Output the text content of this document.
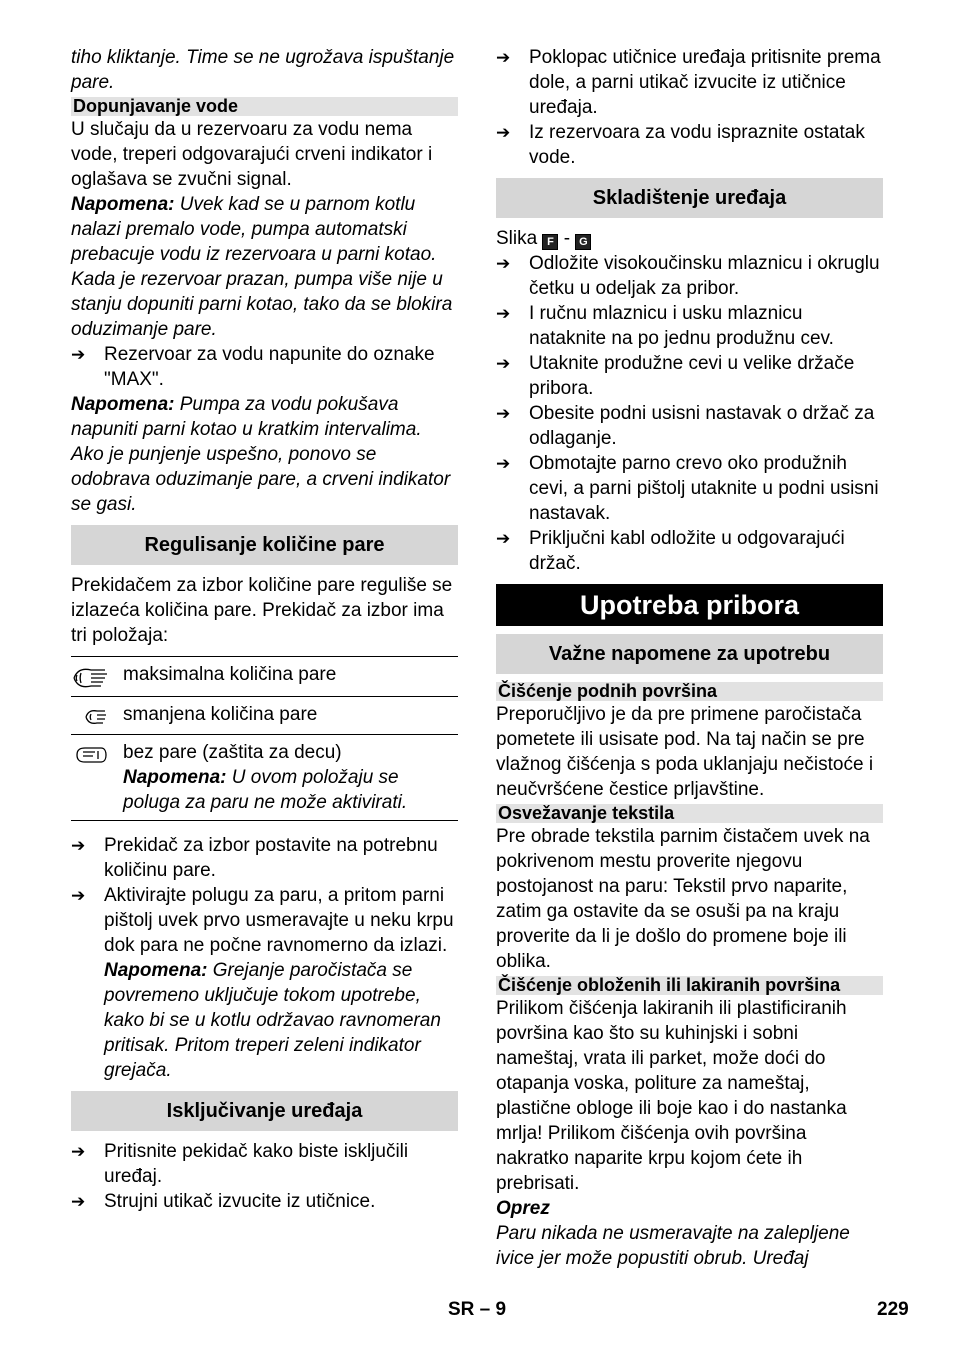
tiho kliktanje. Time se ne ugrožava ispuštanje pare.

Dopunjavanje vode

U slučaju da u rezervoaru za vodu nema vode, treperi odgovarajući crveni indikator i oglašava se zvučni signal.

Napomena: Uvek kad se u parnom kotlu nalazi premalo vode, pumpa automatski prebacuje vodu iz rezervoara u parni kotao. Kada je rezervoar prazan, pumpa više nije u stanju dopuniti parni kotao, tako da se blokira oduzimanje pare.

➔ Rezervoar za vodu napunite do oznake "MAX".

Napomena: Pumpa za vodu pokušava napuniti parni kotao u kratkim intervalima. Ako je punjenje uspešno, ponovo se odobrava oduzimanje pare, a crveni indikator se gasi.

Regulisanje količine pare

Prekidačem za izbor količine pare reguliše se izlazeća količina pare. Prekidač za izbor ima tri položaja:

maksimalna količina pare
smanjena količina pare
bez pare (zaštita za decu)
Napomena: U ovom položaju se poluga za paru ne može aktivirati.
➔ Prekidač za izbor postavite na potrebnu količinu pare.
➔ Aktivirajte polugu za paru, a pritom parni pištolj uvek prvo usmeravajte u neku krpu dok para ne počne ravnomerno da izlazi.
Napomena: Grejanje paročistača se povremeno uključuje tokom upotrebe, kako bi se u kotlu održavao ravnomeran pritisak. Pritom treperi zeleni indikator grejača.
Isključivanje uređaja
➔ Pritisnite pekidač kako biste isključili uređaj.
➔ Strujni utikač izvucite iz utičnice.
➔ Poklopac utičnice uređaja pritisnite prema dole, a parni utikač izvucite iz utičnice uređaja.
➔ Iz rezervoara za vodu ispraznite ostatak vode.
Skladištenje uređaja

Slika F - G

➔ Odložite visokoučinsku mlaznicu i okruglu četku u odeljak za pribor.
➔ I ručnu mlaznicu i usku mlaznicu nataknite na po jednu produžnu cev.
➔ Utaknite produžne cevi u velike držače pribora.
➔ Obesite podni usisni nastavak o držač za odlaganje.
➔ Obmotajte parno crevo oko produžnih cevi, a parni pištolj utaknite u podni usisni nastavak.
➔ Priključni kabl odložite u odgovarajući držač.
Upotreba pribora
Važne napomene za upotrebu
Čišćenje podnih površina

Preporučljivo je da pre primene paročistača pometete ili usisate pod. Na taj način se pre vlažnog čišćenja s poda uklanjaju nečistoće i neučvršćene čestice prljavštine.

Osvežavanje tekstila

Pre obrade tekstila parnim čistačem uvek na pokrivenom mestu proverite njegovu postojanost na paru: Tekstil prvo naparite, zatim ga ostavite da se osuši pa na kraju proverite da li je došlo do promene boje ili oblika.

Čišćenje obloženih ili lakiranih površina

Prilikom čišćenja lakiranih ili plastificiranih površina kao što su kuhinjski i sobni nameštaj, vrata ili parket, može doći do otapanja voska, politure za nameštaj, plastične obloge ili boje kao i do nastanka mrlja! Prilikom čišćenja ovih površina nakratko naparite krpu kojom ćete ih prebrisati.

Oprez

Paru nikada ne usmeravajte na zalepljene ivice jer može popustiti obrub. Uređaj

SR – 9	229
